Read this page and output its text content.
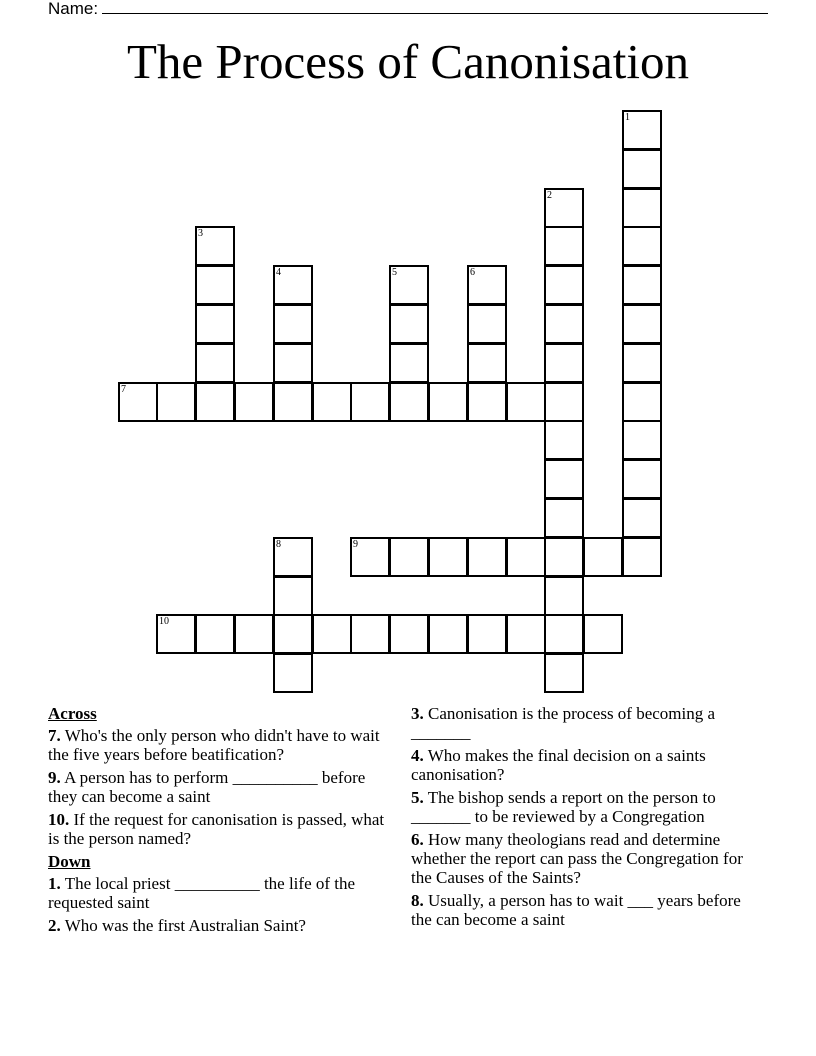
Name:
The Process of Canonisation
1
2
3
4	5	6
7
8	9
10
Across
7. Who's the only person who didn't have to wait the five years before beatification?
9. A person has to perform __________ before they can become a saint
10. If the request for canonisation is passed, what is the person named?
Down
1. The local priest __________ the life of the requested saint
2. Who was the first Australian Saint?
3. Canonisation is the process of becoming a _______
4. Who makes the final decision on a saints canonisation?
5. The bishop sends a report on the person to _______ to be reviewed by a Congregation
6. How many theologians read and determine whether the report can pass the Congregation for the Causes of the Saints?
8. Usually, a person has to wait ___ years before the can become a saint
